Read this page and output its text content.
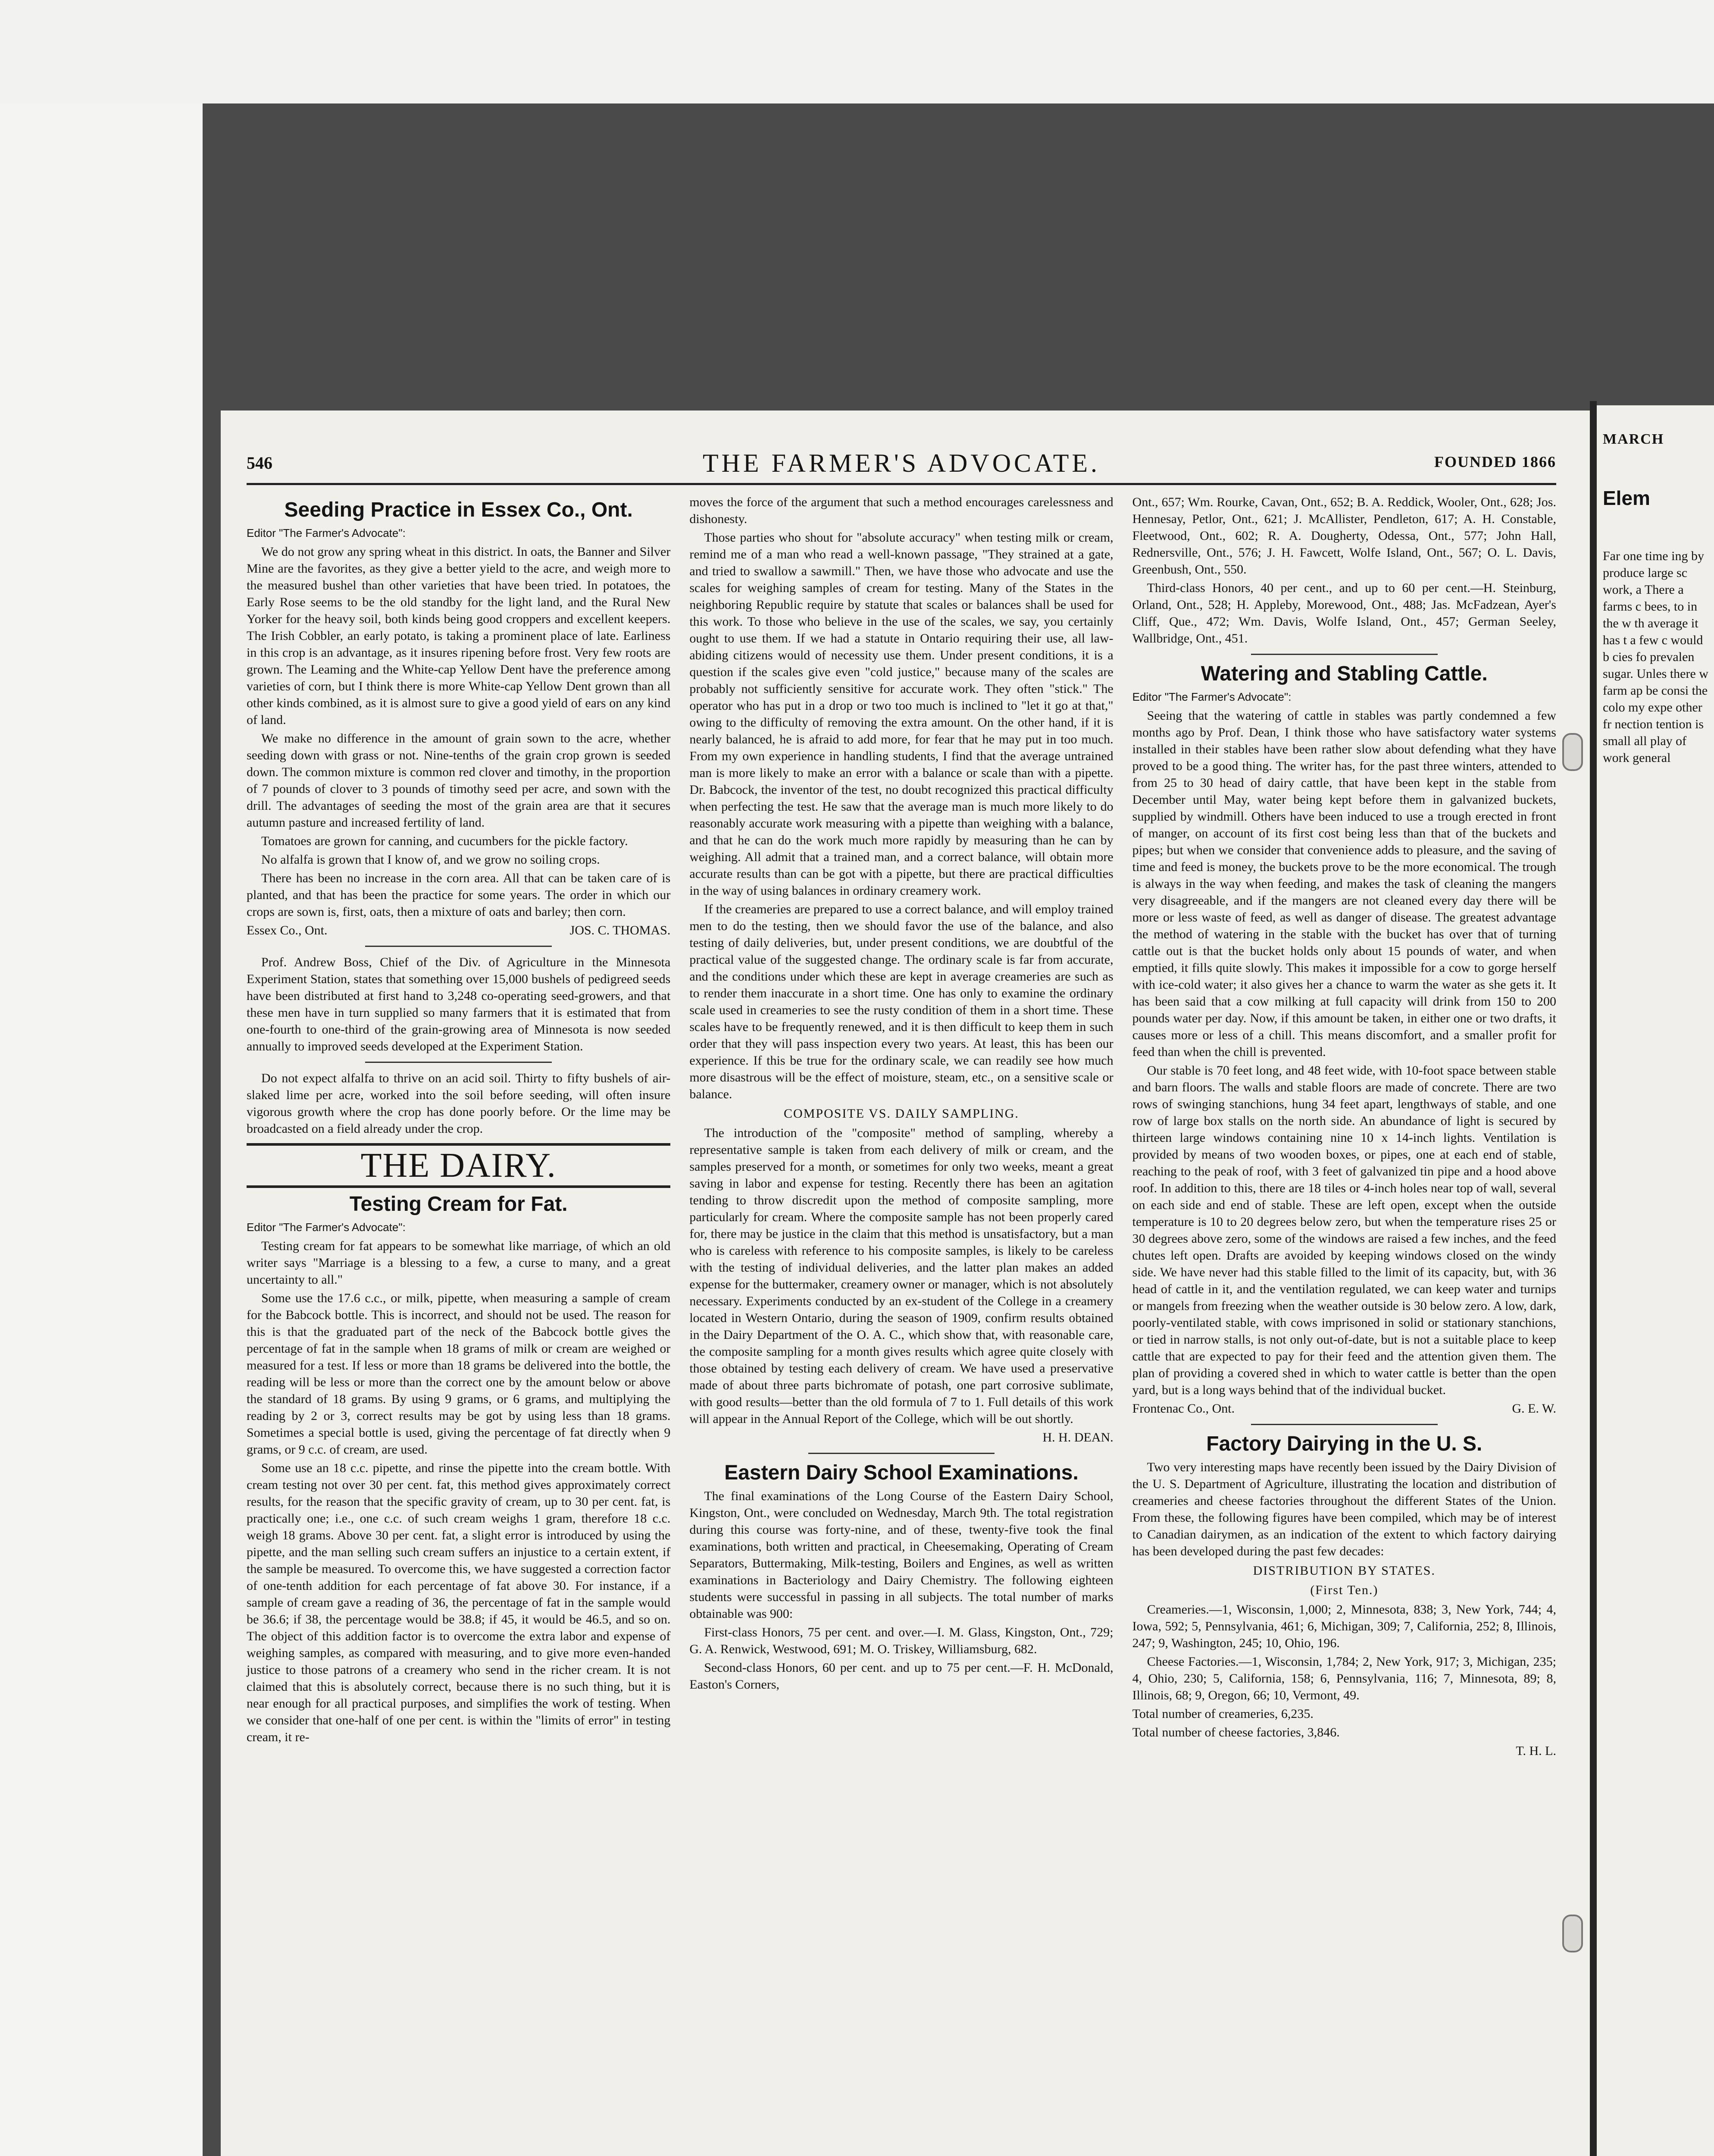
546	THE FARMER'S ADVOCATE.	FOUNDED 1866
Seeding Practice in Essex Co., Ont.
Editor "The Farmer's Advocate":

We do not grow any spring wheat in this district. In oats, the Banner and Silver Mine are the favorites, as they give a better yield to the acre, and weigh more to the measured bushel than other varieties that have been tried. In potatoes, the Early Rose seems to be the old standby for the light land, and the Rural New Yorker for the heavy soil, both kinds being good croppers and excellent keepers. The Irish Cobbler, an early potato, is taking a prominent place of late. Earliness in this crop is an advantage, as it insures ripening before frost. Very few roots are grown. The Leaming and the White-cap Yellow Dent have the preference among varieties of corn, but I think there is more White-cap Yellow Dent grown than all other kinds combined, as it is almost sure to give a good yield of ears on any kind of land.

We make no difference in the amount of grain sown to the acre, whether seeding down with grass or not. Nine-tenths of the grain crop grown is seeded down. The common mixture is common red clover and timothy, in the proportion of 7 pounds of clover to 3 pounds of timothy seed per acre, and sown with the drill. The advantages of seeding the most of the grain area are that it secures autumn pasture and increased fertility of land.

Tomatoes are grown for canning, and cucumbers for the pickle factory.

No alfalfa is grown that I know of, and we grow no soiling crops.

There has been no increase in the corn area. All that can be taken care of is planted, and that has been the practice for some years. The order in which our crops are sown is, first, oats, then a mixture of oats and barley; then corn.

Essex Co., Ont.	JOS. C. THOMAS.

Prof. Andrew Boss, Chief of the Div. of Agriculture in the Minnesota Experiment Station, states that something over 15,000 bushels of pedigreed seeds have been distributed at first hand to 3,248 co-operating seed-growers, and that these men have in turn supplied so many farmers that it is estimated that from one-fourth to one-third of the grain-growing area of Minnesota is now seeded annually to improved seeds developed at the Experiment Station.

Do not expect alfalfa to thrive on an acid soil. Thirty to fifty bushels of air-slaked lime per acre, worked into the soil before seeding, will often insure vigorous growth where the crop has done poorly before. Or the lime may be broadcasted on a field already under the crop.

THE DAIRY.
Testing Cream for Fat.
Editor "The Farmer's Advocate":

Testing cream for fat appears to be somewhat like marriage, of which an old writer says "Marriage is a blessing to a few, a curse to many, and a great uncertainty to all."

Some use the 17.6 c.c., or milk, pipette, when measuring a sample of cream for the Babcock bottle. This is incorrect, and should not be used. The reason for this is that the graduated part of the neck of the Babcock bottle gives the percentage of fat in the sample when 18 grams of milk or cream are weighed or measured for a test. If less or more than 18 grams be delivered into the bottle, the reading will be less or more than the correct one by the amount below or above the standard of 18 grams. By using 9 grams, or 6 grams, and multiplying the reading by 2 or 3, correct results may be got by using less than 18 grams. Sometimes a special bottle is used, giving the percentage of fat directly when 9 grams, or 9 c.c. of cream, are used.

Some use an 18 c.c. pipette, and rinse the pipette into the cream bottle. With cream testing not over 30 per cent. fat, this method gives approximately correct results, for the reason that the specific gravity of cream, up to 30 per cent. fat, is practically one; i.e., one c.c. of such cream weighs 1 gram, therefore 18 c.c. weigh 18 grams. Above 30 per cent. fat, a slight error is introduced by using the pipette, and the man selling such cream suffers an injustice to a certain extent, if the sample be measured. To overcome this, we have suggested a correction factor of one-tenth addition for each percentage of fat above 30. For instance, if a sample of cream gave a reading of 36, the percentage of fat in the sample would be 36.6; if 38, the percentage would be 38.8; if 45, it would be 46.5, and so on. The object of this addition factor is to overcome the extra labor and expense of weighing samples, as compared with measuring, and to give more even-handed justice to those patrons of a creamery who send in the richer cream. It is not claimed that this is absolutely correct, because there is no such thing, but it is near enough for all practical purposes, and simplifies the work of testing. When we consider that one-half of one per cent. is within the "limits of error" in testing cream, it re-

moves the force of the argument that such a method encourages carelessness and dishonesty.

Those parties who shout for "absolute accuracy" when testing milk or cream, remind me of a man who read a well-known passage, "They strained at a gate, and tried to swallow a sawmill." Then, we have those who advocate and use the scales for weighing samples of cream for testing. Many of the States in the neighboring Republic require by statute that scales or balances shall be used for this work. To those who believe in the use of the scales, we say, you certainly ought to use them. If we had a statute in Ontario requiring their use, all law-abiding citizens would of necessity use them. Under present conditions, it is a question if the scales give even "cold justice," because many of the scales are probably not sufficiently sensitive for accurate work. They often "stick." The operator who has put in a drop or two too much is inclined to "let it go at that," owing to the difficulty of removing the extra amount. On the other hand, if it is nearly balanced, he is afraid to add more, for fear that he may put in too much. From my own experience in handling students, I find that the average untrained man is more likely to make an error with a balance or scale than with a pipette. Dr. Babcock, the inventor of the test, no doubt recognized this practical difficulty when perfecting the test. He saw that the average man is much more likely to do reasonably accurate work measuring with a pipette than weighing with a balance, and that he can do the work much more rapidly by measuring than he can by weighing. All admit that a trained man, and a correct balance, will obtain more accurate results than can be got with a pipette, but there are practical difficulties in the way of using balances in ordinary creamery work.

If the creameries are prepared to use a correct balance, and will employ trained men to do the testing, then we should favor the use of the balance, and also testing of daily deliveries, but, under present conditions, we are doubtful of the practical value of the suggested change. The ordinary scale is far from accurate, and the conditions under which these are kept in average creameries are such as to render them inaccurate in a short time. One has only to examine the ordinary scale used in creameries to see the rusty condition of them in a short time. These scales have to be frequently renewed, and it is then difficult to keep them in such order that they will pass inspection every two years. At least, this has been our experience. If this be true for the ordinary scale, we can readily see how much more disastrous will be the effect of moisture, steam, etc., on a sensitive scale or balance.

COMPOSITE VS. DAILY SAMPLING.

The introduction of the "composite" method of sampling, whereby a representative sample is taken from each delivery of milk or cream, and the samples preserved for a month, or sometimes for only two weeks, meant a great saving in labor and expense for testing. Recently there has been an agitation tending to throw discredit upon the method of composite sampling, more particularly for cream. Where the composite sample has not been properly cared for, there may be justice in the claim that this method is unsatisfactory, but a man who is careless with reference to his composite samples, is likely to be careless with the testing of individual deliveries, and the latter plan makes an added expense for the buttermaker, creamery owner or manager, which is not absolutely necessary. Experiments conducted by an ex-student of the College in a creamery located in Western Ontario, during the season of 1909, confirm results obtained in the Dairy Department of the O. A. C., which show that, with reasonable care, the composite sampling for a month gives results which agree quite closely with those obtained by testing each delivery of cream. We have used a preservative made of about three parts bichromate of potash, one part corrosive sublimate, with good results—better than the old formula of 7 to 1. Full details of this work will appear in the Annual Report of the College, which will be out shortly.

H. H. DEAN.
Eastern Dairy School Examinations.

The final examinations of the Long Course of the Eastern Dairy School, Kingston, Ont., were concluded on Wednesday, March 9th. The total registration during this course was forty-nine, and of these, twenty-five took the final examinations, both written and practical, in Cheesemaking, Operating of Cream Separators, Buttermaking, Milk-testing, Boilers and Engines, as well as written examinations in Bacteriology and Dairy Chemistry. The following eighteen students were successful in passing in all subjects. The total number of marks obtainable was 900:

First-class Honors, 75 per cent. and over.—I. M. Glass, Kingston, Ont., 729; G. A. Renwick, Westwood, 691; M. O. Triskey, Williamsburg, 682.

Second-class Honors, 60 per cent. and up to 75 per cent.—F. H. McDonald, Easton's Corners,

Ont., 657; Wm. Rourke, Cavan, Ont., 652; B. A. Reddick, Wooler, Ont., 628; Jos. Hennesay, Petlor, Ont., 621; J. McAllister, Pendleton, 617; A. H. Constable, Fleetwood, Ont., 602; R. A. Dougherty, Odessa, Ont., 577; John Hall, Rednersville, Ont., 576; J. H. Fawcett, Wolfe Island, Ont., 567; O. L. Davis, Greenbush, Ont., 550.

Third-class Honors, 40 per cent., and up to 60 per cent.—H. Steinburg, Orland, Ont., 528; H. Appleby, Morewood, Ont., 488; Jas. McFadzean, Ayer's Cliff, Que., 472; Wm. Davis, Wolfe Island, Ont., 457; German Seeley, Wallbridge, Ont., 451.

Watering and Stabling Cattle.
Editor "The Farmer's Advocate":

Seeing that the watering of cattle in stables was partly condemned a few months ago by Prof. Dean, I think those who have satisfactory water systems installed in their stables have been rather slow about defending what they have proved to be a good thing. The writer has, for the past three winters, attended to from 25 to 30 head of dairy cattle, that have been kept in the stable from December until May, water being kept before them in galvanized buckets, supplied by windmill. Others have been induced to use a trough erected in front of manger, on account of its first cost being less than that of the buckets and pipes; but when we consider that convenience adds to pleasure, and the saving of time and feed is money, the buckets prove to be the more economical. The trough is always in the way when feeding, and makes the task of cleaning the mangers very disagreeable, and if the mangers are not cleaned every day there will be more or less waste of feed, as well as danger of disease. The greatest advantage the method of watering in the stable with the bucket has over that of turning cattle out is that the bucket holds only about 15 pounds of water, and when emptied, it fills quite slowly. This makes it impossible for a cow to gorge herself with ice-cold water; it also gives her a chance to warm the water as she gets it. It has been said that a cow milking at full capacity will drink from 150 to 200 pounds water per day. Now, if this amount be taken, in either one or two drafts, it causes more or less of a chill. This means discomfort, and a smaller profit for feed than when the chill is prevented.

Our stable is 70 feet long, and 48 feet wide, with 10-foot space between stable and barn floors. The walls and stable floors are made of concrete. There are two rows of swinging stanchions, hung 34 feet apart, lengthways of stable, and one row of large box stalls on the north side. An abundance of light is secured by thirteen large windows containing nine 10 x 14-inch lights. Ventilation is provided by means of two wooden boxes, or pipes, one at each end of stable, reaching to the peak of roof, with 3 feet of galvanized tin pipe and a hood above roof. In addition to this, there are 18 tiles or 4-inch holes near top of wall, several on each side and end of stable. These are left open, except when the outside temperature is 10 to 20 degrees below zero, but when the temperature rises 25 or 30 degrees above zero, some of the windows are raised a few inches, and the feed chutes left open. Drafts are avoided by keeping windows closed on the windy side. We have never had this stable filled to the limit of its capacity, but, with 36 head of cattle in it, and the ventilation regulated, we can keep water and turnips or mangels from freezing when the weather outside is 30 below zero. A low, dark, poorly-ventilated stable, with cows imprisoned in solid or stationary stanchions, or tied in narrow stalls, is not only out-of-date, but is not a suitable place to keep cattle that are expected to pay for their feed and the attention given them. The plan of providing a covered shed in which to water cattle is better than the open yard, but is a long ways behind that of the individual bucket.

Frontenac Co., Ont.	G. E. W.
Factory Dairying in the U. S.

Two very interesting maps have recently been issued by the Dairy Division of the U. S. Department of Agriculture, illustrating the location and distribution of creameries and cheese factories throughout the different States of the Union. From these, the following figures have been compiled, which may be of interest to Canadian dairymen, as an indication of the extent to which factory dairying has been developed during the past few decades:

DISTRIBUTION BY STATES.
(First Ten.)

Creameries.—1, Wisconsin, 1,000; 2, Minnesota, 838; 3, New York, 744; 4, Iowa, 592; 5, Pennsylvania, 461; 6, Michigan, 309; 7, California, 252; 8, Illinois, 247; 9, Washington, 245; 10, Ohio, 196.

Cheese Factories.—1, Wisconsin, 1,784; 2, New York, 917; 3, Michigan, 235; 4, Ohio, 230; 5, California, 158; 6, Pennsylvania, 116; 7, Minnesota, 89; 8, Illinois, 68; 9, Oregon, 66; 10, Vermont, 49.

Total number of creameries, 6,235.

Total number of cheese factories, 3,846.

T. H. L.
MARCH
Elem
Far one time ing by produce large sc work, a There a farms c bees, to in the w th average it has t a few c would b cies fo prevalen sugar. Unles there w farm ap be consi the colo my expe other fr nection tention is small all play of work general
